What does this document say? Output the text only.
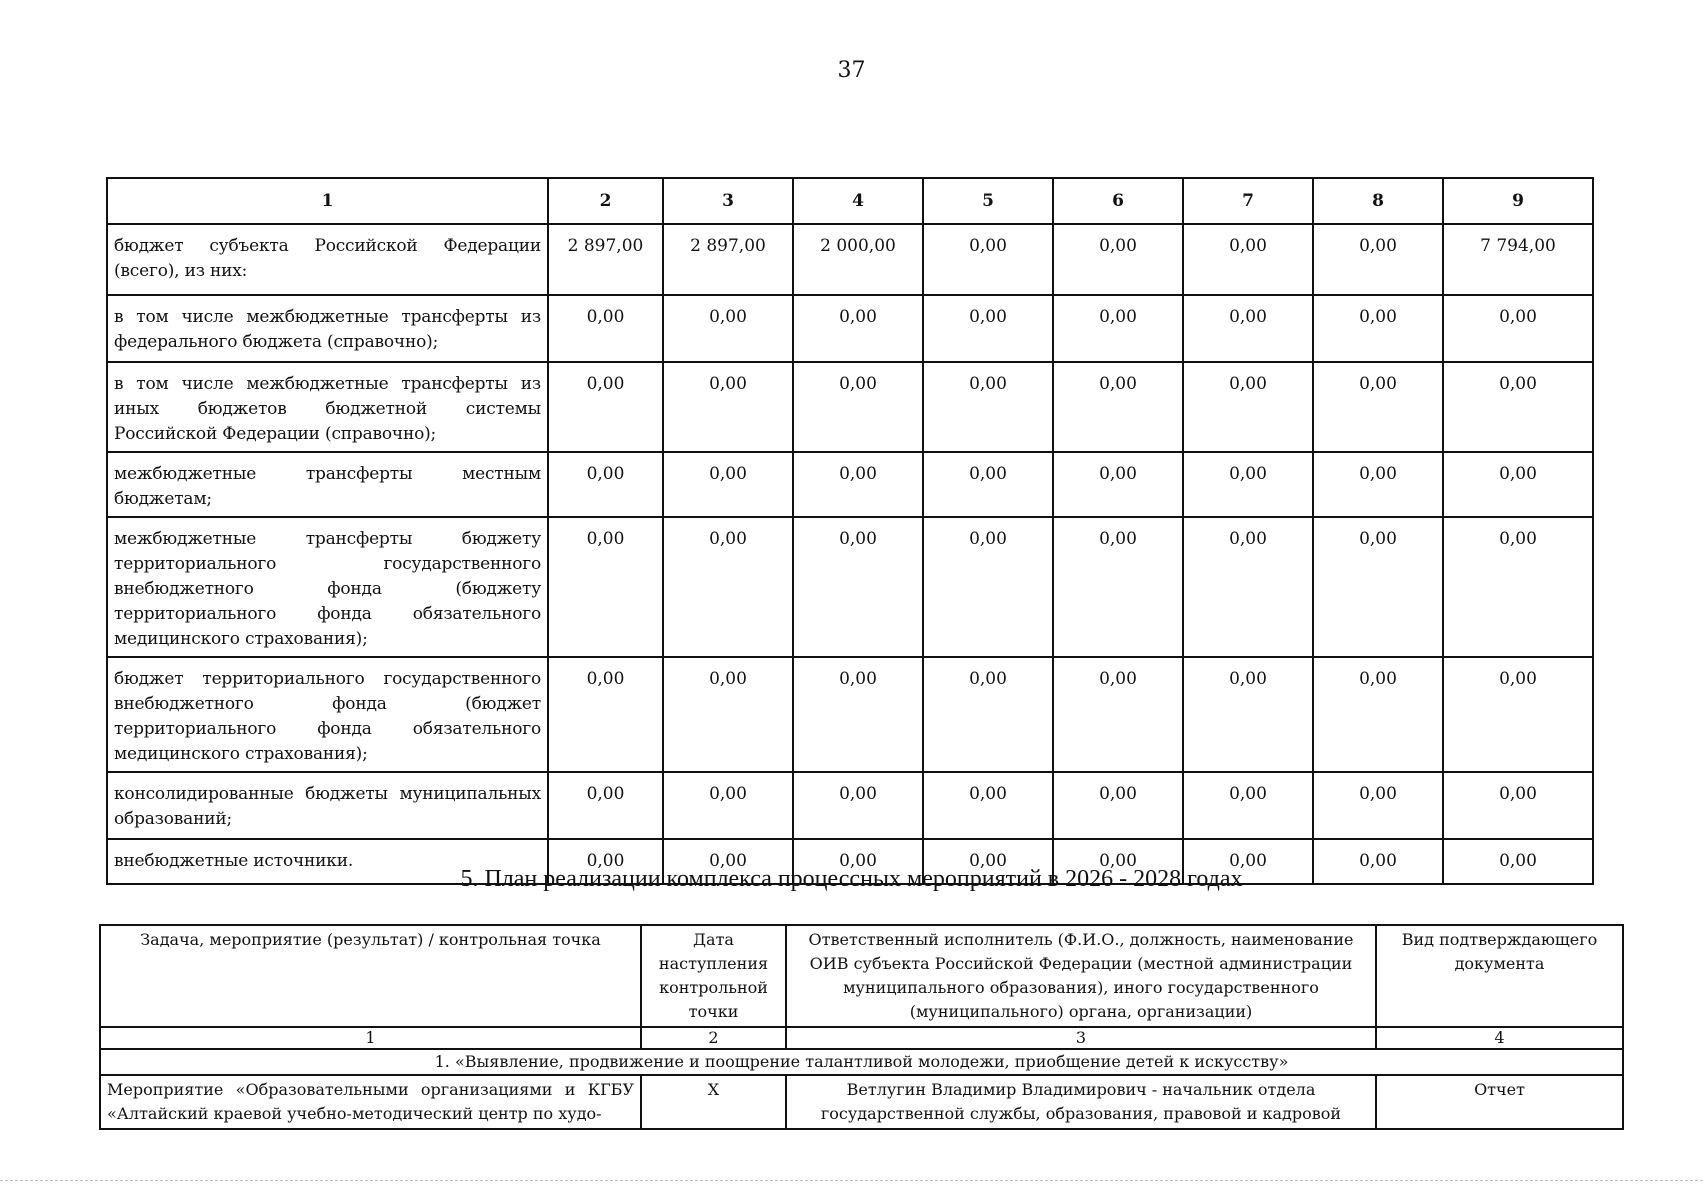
37
1	2	3	4	5	6	7	8	9
бюджет субъекта Российской Федерации (всего), из них:	2 897,00	2 897,00	2 000,00	0,00	0,00	0,00	0,00	7 794,00
в том числе межбюджетные трансферты из федерального бюджета (справочно);	0,00	0,00	0,00	0,00	0,00	0,00	0,00	0,00
в том числе межбюджетные трансферты из иных бюджетов бюджетной системы Российской Федерации (справочно);	0,00	0,00	0,00	0,00	0,00	0,00	0,00	0,00
межбюджетные трансферты местным бюджетам;	0,00	0,00	0,00	0,00	0,00	0,00	0,00	0,00
межбюджетные трансферты бюджету территориального государственного внебюджетного фонда (бюджету территориального фонда обязательного медицинского страхования);	0,00	0,00	0,00	0,00	0,00	0,00	0,00	0,00
бюджет территориального государственного внебюджетного фонда (бюджет территориального фонда обязательного медицинского страхования);	0,00	0,00	0,00	0,00	0,00	0,00	0,00	0,00
консолидированные бюджеты муниципальных образований;	0,00	0,00	0,00	0,00	0,00	0,00	0,00	0,00
внебюджетные источники.	0,00	0,00	0,00	0,00	0,00	0,00	0,00	0,00
5. План реализации комплекса процессных мероприятий в 2026 - 2028 годах
Задача, мероприятие (результат) / контрольная точка	Дата наступления контрольной точки	Ответственный исполнитель (Ф.И.О., должность, наименование ОИВ субъекта Российской Федерации (местной администрации муниципального образования), иного государственного (муниципального) органа, организации)	Вид подтверждающего документа
1	2	3	4
1. «Выявление, продвижение и поощрение талантливой молодежи, приобщение детей к искусству»			
Мероприятие «Образовательными организациями и КГБУ «Алтайский краевой учебно-методический центр по худо-	X	Ветлугин Владимир Владимирович - начальник отдела государственной службы, образования, правовой и кадровой	Отчет
